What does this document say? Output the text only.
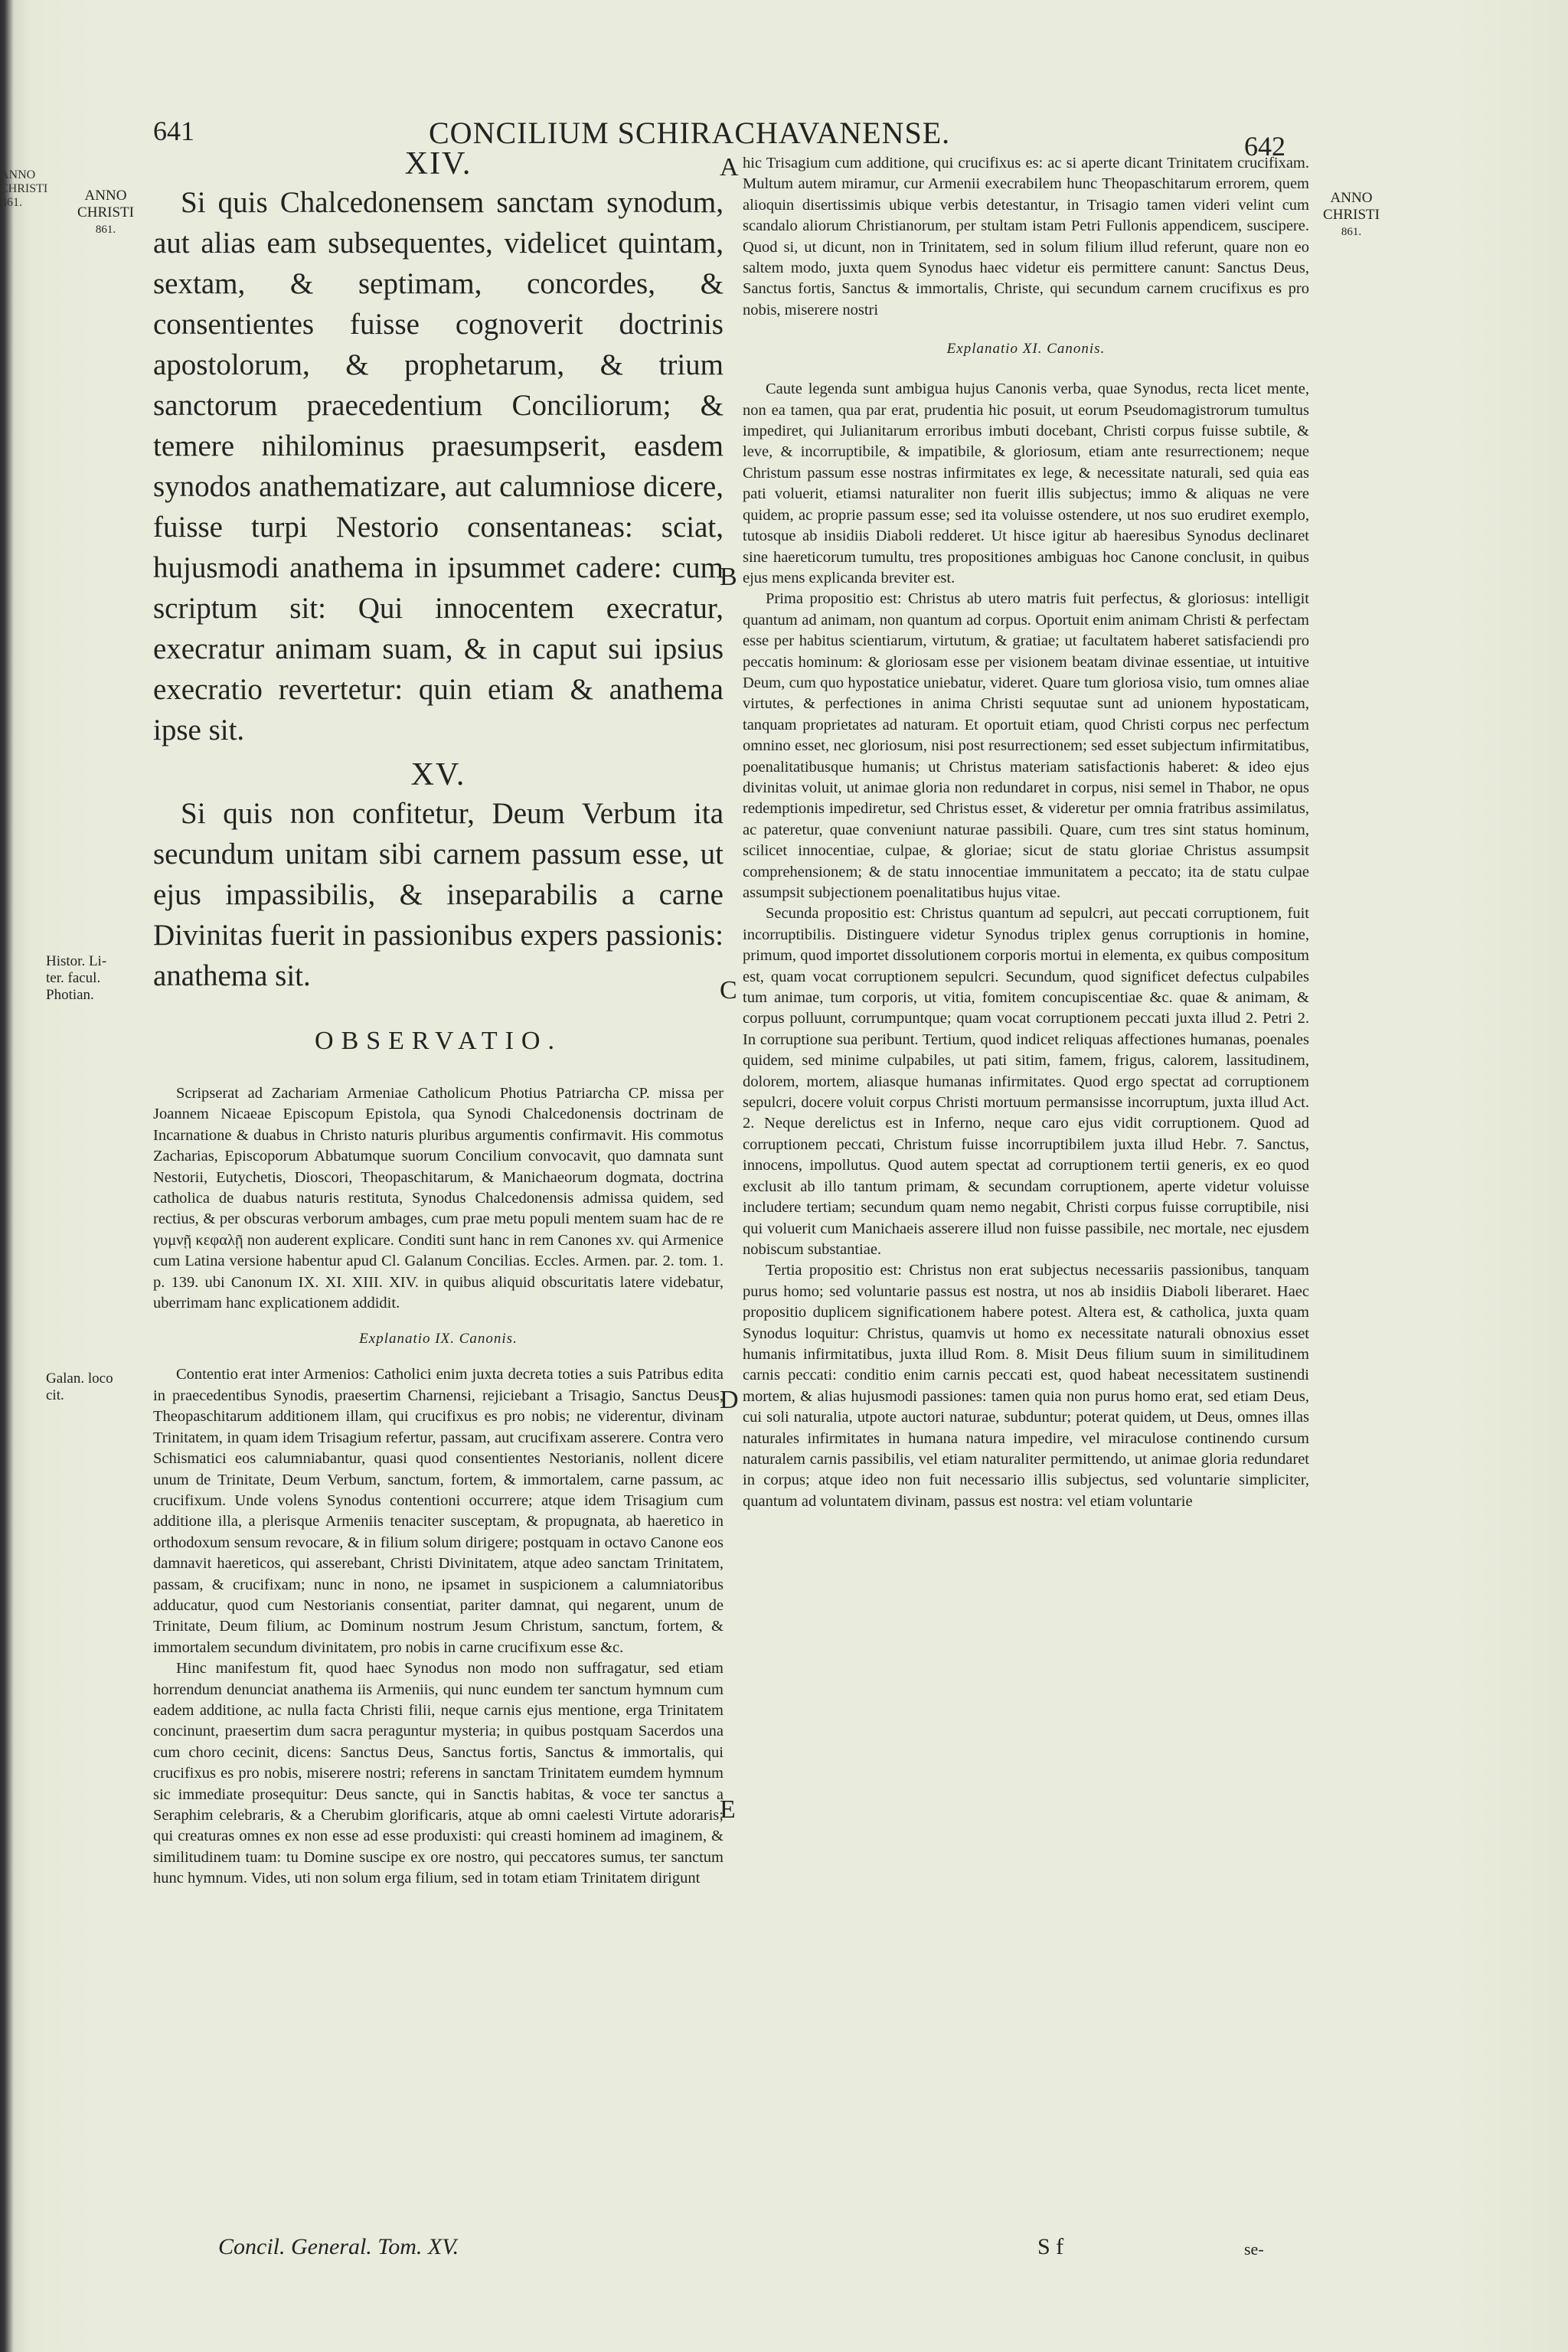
ANNO
CHRISTI
861.
641	CONCILIUM SCHIRACHAVANENSE.	642
ANNO
CHRISTI
861.
Histor. Li-
ter. facul.
Photian.
Galan. loco
cit.
ANNO
CHRISTI
861.
A
B
C
D
E

XIV.

Si quis Chalcedonensem sanctam synodum, aut alias eam subsequentes, videlicet quintam, sextam, & septimam, concordes, & consentientes fuisse cognoverit doctrinis apostolorum, & prophetarum, & trium sanctorum praecedentium Conciliorum; & temere nihilominus praesumpserit, easdem synodos anathematizare, aut calumniose dicere, fuisse turpi Nestorio consentaneas: sciat, hujusmodi anathema in ipsummet cadere: cum scriptum sit: Qui innocentem execratur, execratur animam suam, & in caput sui ipsius execratio revertetur: quin etiam & anathema ipse sit.

XV.

Si quis non confitetur, Deum Verbum ita secundum unitam sibi carnem passum esse, ut ejus impassibilis, & inseparabilis a carne Divinitas fuerit in passionibus expers passionis: anathema sit.

OBSERVATIO.

Scripserat ad Zachariam Armeniae Catholicum Photius Patriarcha CP. missa per Joannem Nicaeae Episcopum Epistola, qua Synodi Chalcedonensis doctrinam de Incarnatione & duabus in Christo naturis pluribus argumentis confirmavit. His commotus Zacharias, Episcoporum Abbatumque suorum Concilium convocavit, quo damnata sunt Nestorii, Eutychetis, Dioscori, Theopaschitarum, & Manichaeorum dogmata, doctrina catholica de duabus naturis restituta, Synodus Chalcedonensis admissa quidem, sed rectius, & per obscuras verborum ambages, cum prae metu populi mentem suam hac de re γυμνῇ κεφαλῇ non auderent explicare. Conditi sunt hanc in rem Canones xv. qui Armenice cum Latina versione habentur apud Cl. Galanum Concilias. Eccles. Armen. par. 2. tom. 1. p. 139. ubi Canonum IX. XI. XIII. XIV. in quibus aliquid obscuritatis latere videbatur, uberrimam hanc explicationem addidit.

Explanatio IX. Canonis.

Contentio erat inter Armenios: Catholici enim juxta decreta toties a suis Patribus edita in praecedentibus Synodis, praesertim Charnensi, rejiciebant a Trisagio, Sanctus Deus, Theopaschitarum additionem illam, qui crucifixus es pro nobis; ne viderentur, divinam Trinitatem, in quam idem Trisagium refertur, passam, aut crucifixam asserere. Contra vero Schismatici eos calumniabantur, quasi quod consentientes Nestorianis, nollent dicere unum de Trinitate, Deum Verbum, sanctum, fortem, & immortalem, carne passum, ac crucifixum. Unde volens Synodus contentioni occurrere; atque idem Trisagium cum additione illa, a plerisque Armeniis tenaciter susceptam, & propugnata, ab haeretico in orthodoxum sensum revocare, & in filium solum dirigere; postquam in octavo Canone eos damnavit haereticos, qui asserebant, Christi Divinitatem, atque adeo sanctam Trinitatem, passam, & crucifixam; nunc in nono, ne ipsamet in suspicionem a calumniatoribus adducatur, quod cum Nestorianis consentiat, pariter damnat, qui negarent, unum de Trinitate, Deum filium, ac Dominum nostrum Jesum Christum, sanctum, fortem, & immortalem secundum divinitatem, pro nobis in carne crucifixum esse &c.

Hinc manifestum fit, quod haec Synodus non modo non suffragatur, sed etiam horrendum denunciat anathema iis Armeniis, qui nunc eundem ter sanctum hymnum cum eadem additione, ac nulla facta Christi filii, neque carnis ejus mentione, erga Trinitatem concinunt, praesertim dum sacra peraguntur mysteria; in quibus postquam Sacerdos una cum choro cecinit, dicens: Sanctus Deus, Sanctus fortis, Sanctus & immortalis, qui crucifixus es pro nobis, miserere nostri; referens in sanctam Trinitatem eumdem hymnum sic immediate prosequitur: Deus sancte, qui in Sanctis habitas, & voce ter sanctus a Seraphim celebraris, & a Cherubim glorificaris, atque ab omni caelesti Virtute adoraris; qui creaturas omnes ex non esse ad esse produxisti: qui creasti hominem ad imaginem, & similitudinem tuam: tu Domine suscipe ex ore nostro, qui peccatores sumus, ter sanctum hunc hymnum. Vides, uti non solum erga filium, sed in totam etiam Trinitatem dirigunt

hic Trisagium cum additione, qui crucifixus es: ac si aperte dicant Trinitatem crucifixam. Multum autem miramur, cur Armenii execrabilem hunc Theopaschitarum errorem, quem alioquin disertissimis ubique verbis detestantur, in Trisagio tamen videri velint cum scandalo aliorum Christianorum, per stultam istam Petri Fullonis appendicem, suscipere. Quod si, ut dicunt, non in Trinitatem, sed in solum filium illud referunt, quare non eo saltem modo, juxta quem Synodus haec videtur eis permittere canunt: Sanctus Deus, Sanctus fortis, Sanctus & immortalis, Christe, qui secundum carnem crucifixus es pro nobis, miserere nostri

Explanatio XI. Canonis.

Caute legenda sunt ambigua hujus Canonis verba, quae Synodus, recta licet mente, non ea tamen, qua par erat, prudentia hic posuit, ut eorum Pseudomagistrorum tumultus impediret, qui Julianitarum erroribus imbuti docebant, Christi corpus fuisse subtile, & leve, & incorruptibile, & impatibile, & gloriosum, etiam ante resurrectionem; neque Christum passum esse nostras infirmitates ex lege, & necessitate naturali, sed quia eas pati voluerit, etiamsi naturaliter non fuerit illis subjectus; immo & aliquas ne vere quidem, ac proprie passum esse; sed ita voluisse ostendere, ut nos suo erudiret exemplo, tutosque ab insidiis Diaboli redderet. Ut hisce igitur ab haeresibus Synodus declinaret sine haereticorum tumultu, tres propositiones ambiguas hoc Canone conclusit, in quibus ejus mens explicanda breviter est.

Prima propositio est: Christus ab utero matris fuit perfectus, & gloriosus: intelligit quantum ad animam, non quantum ad corpus. Oportuit enim animam Christi & perfectam esse per habitus scientiarum, virtutum, & gratiae; ut facultatem haberet satisfaciendi pro peccatis hominum: & gloriosam esse per visionem beatam divinae essentiae, ut intuitive Deum, cum quo hypostatice uniebatur, videret. Quare tum gloriosa visio, tum omnes aliae virtutes, & perfectiones in anima Christi sequutae sunt ad unionem hypostaticam, tanquam proprietates ad naturam. Et oportuit etiam, quod Christi corpus nec perfectum omnino esset, nec gloriosum, nisi post resurrectionem; sed esset subjectum infirmitatibus, poenalitatibusque humanis; ut Christus materiam satisfactionis haberet: & ideo ejus divinitas voluit, ut animae gloria non redundaret in corpus, nisi semel in Thabor, ne opus redemptionis impediretur, sed Christus esset, & videretur per omnia fratribus assimilatus, ac pateretur, quae conveniunt naturae passibili. Quare, cum tres sint status hominum, scilicet innocentiae, culpae, & gloriae; sicut de statu gloriae Christus assumpsit comprehensionem; & de statu innocentiae immunitatem a peccato; ita de statu culpae assumpsit subjectionem poenalitatibus hujus vitae.

Secunda propositio est: Christus quantum ad sepulcri, aut peccati corruptionem, fuit incorruptibilis. Distinguere videtur Synodus triplex genus corruptionis in homine, primum, quod importet dissolutionem corporis mortui in elementa, ex quibus compositum est, quam vocat corruptionem sepulcri. Secundum, quod significet defectus culpabiles tum animae, tum corporis, ut vitia, fomitem concupiscentiae &c. quae & animam, & corpus polluunt, corrumpuntque; quam vocat corruptionem peccati juxta illud 2. Petri 2. In corruptione sua peribunt. Tertium, quod indicet reliquas affectiones humanas, poenales quidem, sed minime culpabiles, ut pati sitim, famem, frigus, calorem, lassitudinem, dolorem, mortem, aliasque humanas infirmitates. Quod ergo spectat ad corruptionem sepulcri, docere voluit corpus Christi mortuum permansisse incorruptum, juxta illud Act. 2. Neque derelictus est in Inferno, neque caro ejus vidit corruptionem. Quod ad corruptionem peccati, Christum fuisse incorruptibilem juxta illud Hebr. 7. Sanctus, innocens, impollutus. Quod autem spectat ad corruptionem tertii generis, ex eo quod exclusit ab illo tantum primam, & secundam corruptionem, aperte videtur voluisse includere tertiam; secundum quam nemo negabit, Christi corpus fuisse corruptibile, nisi qui voluerit cum Manichaeis asserere illud non fuisse passibile, nec mortale, nec ejusdem nobiscum substantiae.

Tertia propositio est: Christus non erat subjectus necessariis passionibus, tanquam purus homo; sed voluntarie passus est nostra, ut nos ab insidiis Diaboli liberaret. Haec propositio duplicem significationem habere potest. Altera est, & catholica, juxta quam Synodus loquitur: Christus, quamvis ut homo ex necessitate naturali obnoxius esset humanis infirmitatibus, juxta illud Rom. 8. Misit Deus filium suum in similitudinem carnis peccati: conditio enim carnis peccati est, quod habeat necessitatem sustinendi mortem, & alias hujusmodi passiones: tamen quia non purus homo erat, sed etiam Deus, cui soli naturalia, utpote auctori naturae, subduntur; poterat quidem, ut Deus, omnes illas naturales infirmitates in humana natura impedire, vel miraculose continendo cursum naturalem carnis passibilis, vel etiam naturaliter permittendo, ut animae gloria redundaret in corpus; atque ideo non fuit necessario illis subjectus, sed voluntarie simpliciter, quantum ad voluntatem divinam, passus est nostra: vel etiam voluntarie

Concil. General. Tom. XV.	S f	se-
